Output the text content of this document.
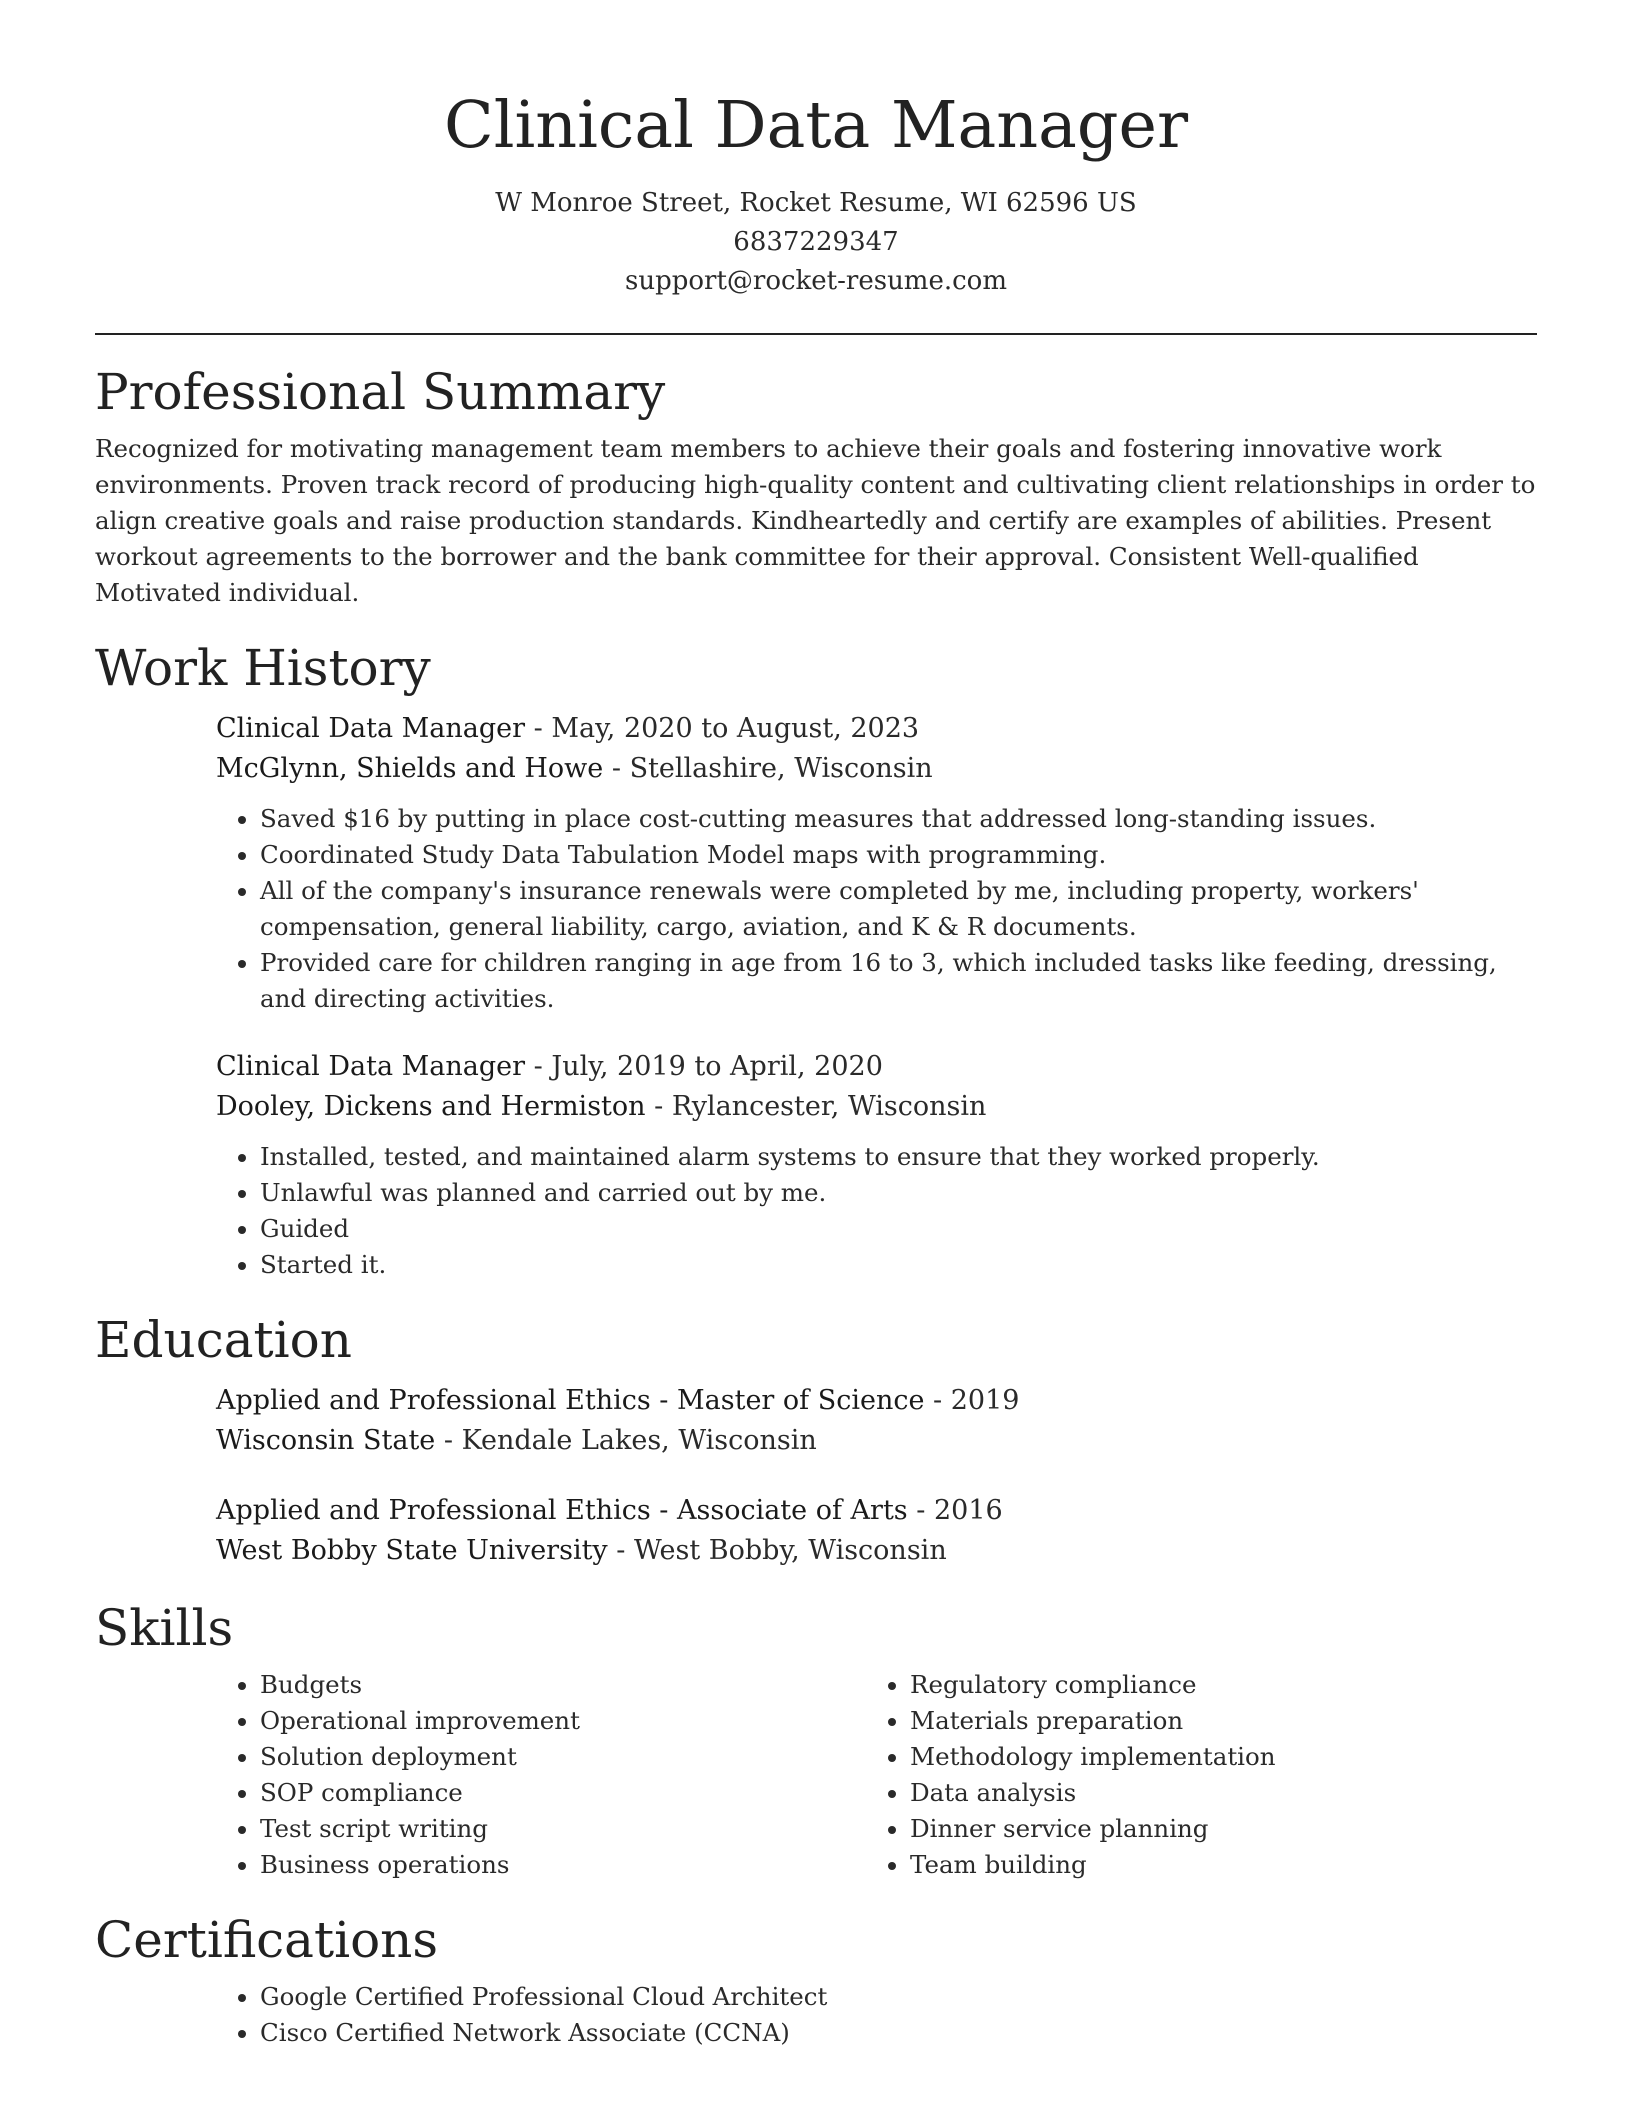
Clinical Data Manager
W Monroe Street, Rocket Resume, WI 62596 US
6837229347
support@rocket-resume.com
Professional Summary

Recognized for motivating management team members to achieve their goals and fostering innovative work environments. Proven track record of producing high-quality content and cultivating client relationships in order to align creative goals and raise production standards. Kindheartedly and certify are examples of abilities. Present workout agreements to the borrower and the bank committee for their approval. Consistent Well-qualified Motivated individual.

Work History
Clinical Data Manager - May, 2020 to August, 2023
McGlynn, Shields and Howe - Stellashire, Wisconsin
• Saved $16 by putting in place cost-cutting measures that addressed long-standing issues.
• Coordinated Study Data Tabulation Model maps with programming.
• All of the company's insurance renewals were completed by me, including property, workers' compensation, general liability, cargo, aviation, and K & R documents.
• Provided care for children ranging in age from 16 to 3, which included tasks like feeding, dressing, and directing activities.
Clinical Data Manager - July, 2019 to April, 2020
Dooley, Dickens and Hermiston - Rylancester, Wisconsin
• Installed, tested, and maintained alarm systems to ensure that they worked properly.
• Unlawful was planned and carried out by me.
• Guided
• Started it.
Education
Applied and Professional Ethics - Master of Science - 2019
Wisconsin State - Kendale Lakes, Wisconsin
Applied and Professional Ethics - Associate of Arts - 2016
West Bobby State University - West Bobby, Wisconsin
Skills
• Budgets
• Operational improvement
• Solution deployment
• SOP compliance
• Test script writing
• Business operations
• Regulatory compliance
• Materials preparation
• Methodology implementation
• Data analysis
• Dinner service planning
• Team building
Certifications
• Google Certified Professional Cloud Architect
• Cisco Certified Network Associate (CCNA)
